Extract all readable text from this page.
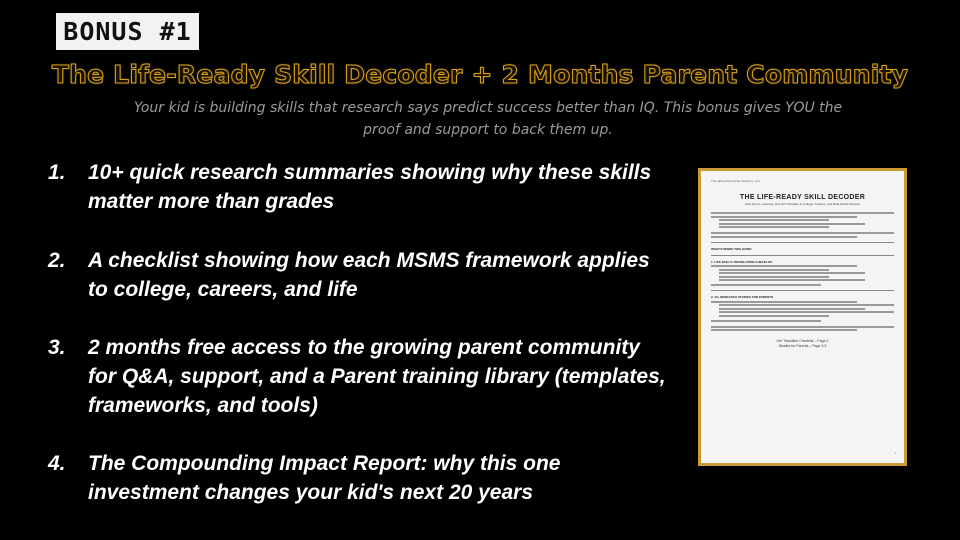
BONUS #1
The Life-Ready Skill Decoder + 2 Months Parent Community
Your kid is building skills that research says predict success better than IQ. This bonus gives YOU the proof and support to back them up.
1.	10+ quick research summaries showing why these skills matter more than grades
2.	A checklist showing how each MSMS framework applies to college, careers, and life
3.	2 months free access to the growing parent community for Q&A, support, and a Parent training library (templates, frameworks, and tools)
4.	The Compounding Impact Report: why this one investment changes your kid's next 20 years
The Alpha Mentorship Academy, LLC
THE LIFE-READY SKILL DECODER
How Focus, Learning, and Grit Translate to College, Careers, and Real-World Success
WHAT'S INSIDE THIS GUIDE:
1. LIFE SKILLS TRANSLATION CHECKLIST
2. 10+ RESEARCH STUDIES FOR PARENTS
Life Transition Checklist – Page 2
Studies for Parents – Page 3-5
1
